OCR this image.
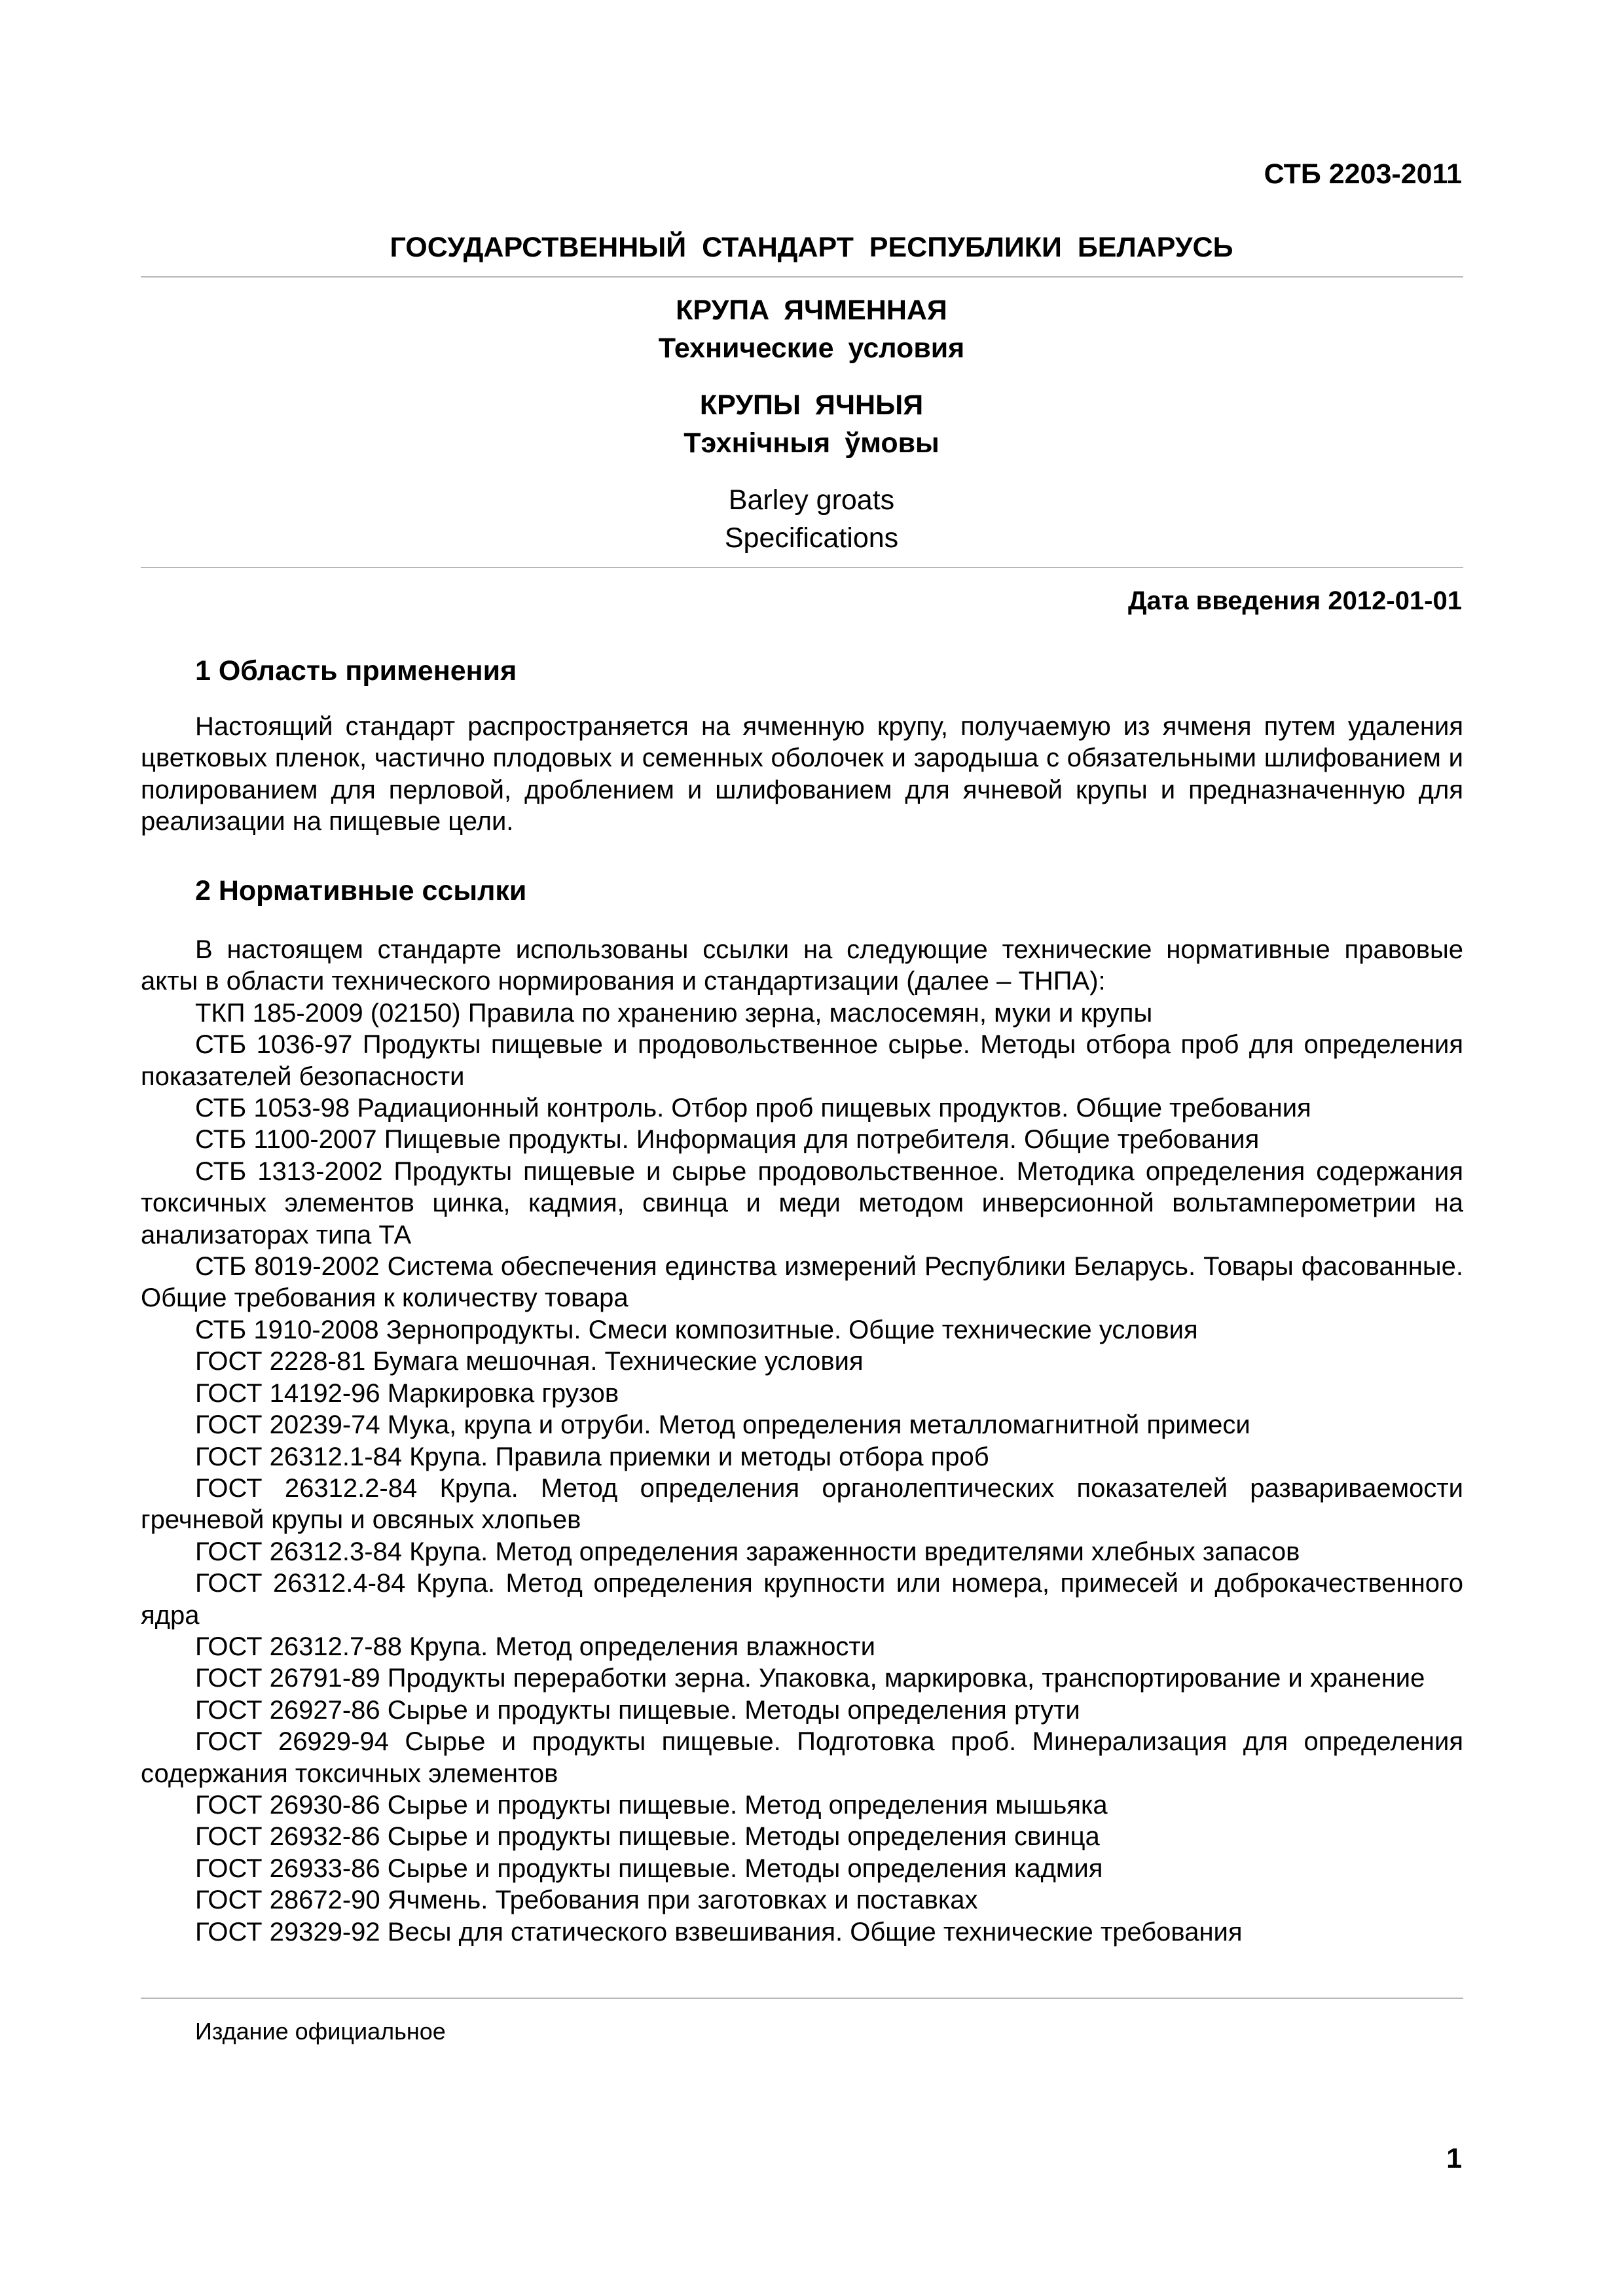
СТБ 2203-2011
ГОСУДАРСТВЕННЫЙ СТАНДАРТ РЕСПУБЛИКИ БЕЛАРУСЬ
КРУПА ЯЧМЕННАЯ
Технические условия
КРУПЫ ЯЧНЫЯ
Тэхнічныя ўмовы
Barley groats
Specifications
Дата введения 2012-01-01
1 Область применения

Настоящий стандарт распространяется на ячменную крупу, получаемую из ячменя путем удаления цветковых пленок, частично плодовых и семенных оболочек и зародыша с обязательными шлифованием и полированием для перловой, дроблением и шлифованием для ячневой крупы и предназначенную для реализации на пищевые цели.

2 Нормативные ссылки
В настоящем стандарте использованы ссылки на следующие технические нормативные правовые акты в области технического нормирования и стандартизации (далее – ТНПА):
ТКП 185-2009 (02150) Правила по хранению зерна, маслосемян, муки и крупы
СТБ 1036-97 Продукты пищевые и продовольственное сырье. Методы отбора проб для определения показателей безопасности
СТБ 1053-98 Радиационный контроль. Отбор проб пищевых продуктов. Общие требования
СТБ 1100-2007 Пищевые продукты. Информация для потребителя. Общие требования
СТБ 1313-2002 Продукты пищевые и сырье продовольственное. Методика определения содержания токсичных элементов цинка, кадмия, свинца и меди методом инверсионной вольтамперометрии на анализаторах типа ТА
СТБ 8019-2002 Система обеспечения единства измерений Республики Беларусь. Товары фасованные. Общие требования к количеству товара
СТБ 1910-2008 Зернопродукты. Смеси композитные. Общие технические условия
ГОСТ 2228-81 Бумага мешочная. Технические условия
ГОСТ 14192-96 Маркировка грузов
ГОСТ 20239-74 Мука, крупа и отруби. Метод определения металломагнитной примеси
ГОСТ 26312.1-84 Крупа. Правила приемки и методы отбора проб
ГОСТ 26312.2-84 Крупа. Метод определения органолептических показателей развариваемости гречневой крупы и овсяных хлопьев
ГОСТ 26312.3-84 Крупа. Метод определения зараженности вредителями хлебных запасов
ГОСТ 26312.4-84 Крупа. Метод определения крупности или номера, примесей и доброкачественного ядра
ГОСТ 26312.7-88 Крупа. Метод определения влажности
ГОСТ 26791-89 Продукты переработки зерна. Упаковка, маркировка, транспортирование и хранение
ГОСТ 26927-86 Сырье и продукты пищевые. Методы определения ртути
ГОСТ 26929-94 Сырье и продукты пищевые. Подготовка проб. Минерализация для определения содержания токсичных элементов
ГОСТ 26930-86 Сырье и продукты пищевые. Метод определения мышьяка
ГОСТ 26932-86 Сырье и продукты пищевые. Методы определения свинца
ГОСТ 26933-86 Сырье и продукты пищевые. Методы определения кадмия
ГОСТ 28672-90 Ячмень. Требования при заготовках и поставках
ГОСТ 29329-92 Весы для статического взвешивания. Общие технические требования
Издание официальное
1
